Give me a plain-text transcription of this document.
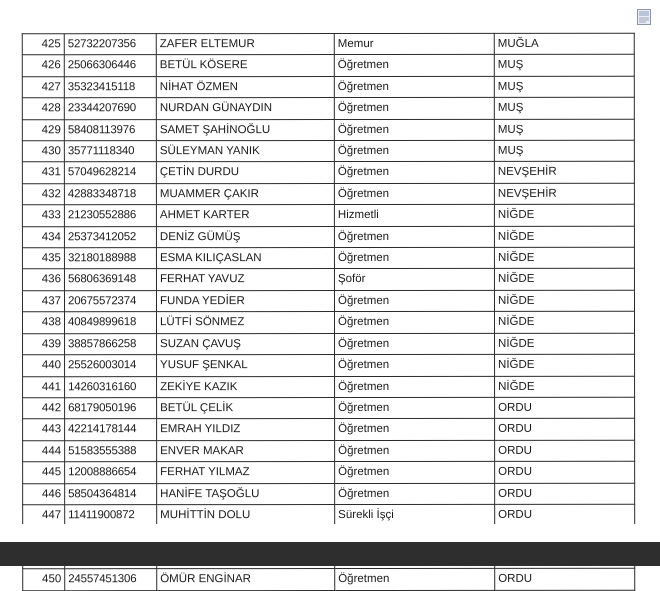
425	52732207356	ZAFER ELTEMUR	Memur	MUĞLA
426	25066306446	BETÜL KÖSERE	Öğretmen	MUŞ
427	35323415118	NİHAT ÖZMEN	Öğretmen	MUŞ
428	23344207690	NURDAN GÜNAYDIN	Öğretmen	MUŞ
429	58408113976	SAMET ŞAHİNOĞLU	Öğretmen	MUŞ
430	35771118340	SÜLEYMAN YANIK	Öğretmen	MUŞ
431	57049628214	ÇETİN DURDU	Öğretmen	NEVŞEHİR
432	42883348718	MUAMMER ÇAKIR	Öğretmen	NEVŞEHİR
433	21230552886	AHMET KARTER	Hizmetli	NİĞDE
434	25373412052	DENİZ GÜMÜŞ	Öğretmen	NİĞDE
435	32180188988	ESMA KILIÇASLAN	Öğretmen	NİĞDE
436	56806369148	FERHAT YAVUZ	Şoför	NİĞDE
437	20675572374	FUNDA YEDİER	Öğretmen	NİĞDE
438	40849899618	LÜTFİ SÖNMEZ	Öğretmen	NİĞDE
439	38857866258	SUZAN ÇAVUŞ	Öğretmen	NİĞDE
440	25526003014	YUSUF ŞENKAL	Öğretmen	NİĞDE
441	14260316160	ZEKİYE KAZIK	Öğretmen	NİĞDE
442	68179050196	BETÜL ÇELİK	Öğretmen	ORDU
443	42214178144	EMRAH YILDIZ	Öğretmen	ORDU
444	51583555388	ENVER MAKAR	Öğretmen	ORDU
445	12008886654	FERHAT YILMAZ	Öğretmen	ORDU
446	58504364814	HANİFE TAŞOĞLU	Öğretmen	ORDU
447	11411900872	MUHİTTİN DOLU	Sürekli İşçi	ORDU

450	24557451306	ÖMÜR ENGİNAR	Öğretmen	ORDU
